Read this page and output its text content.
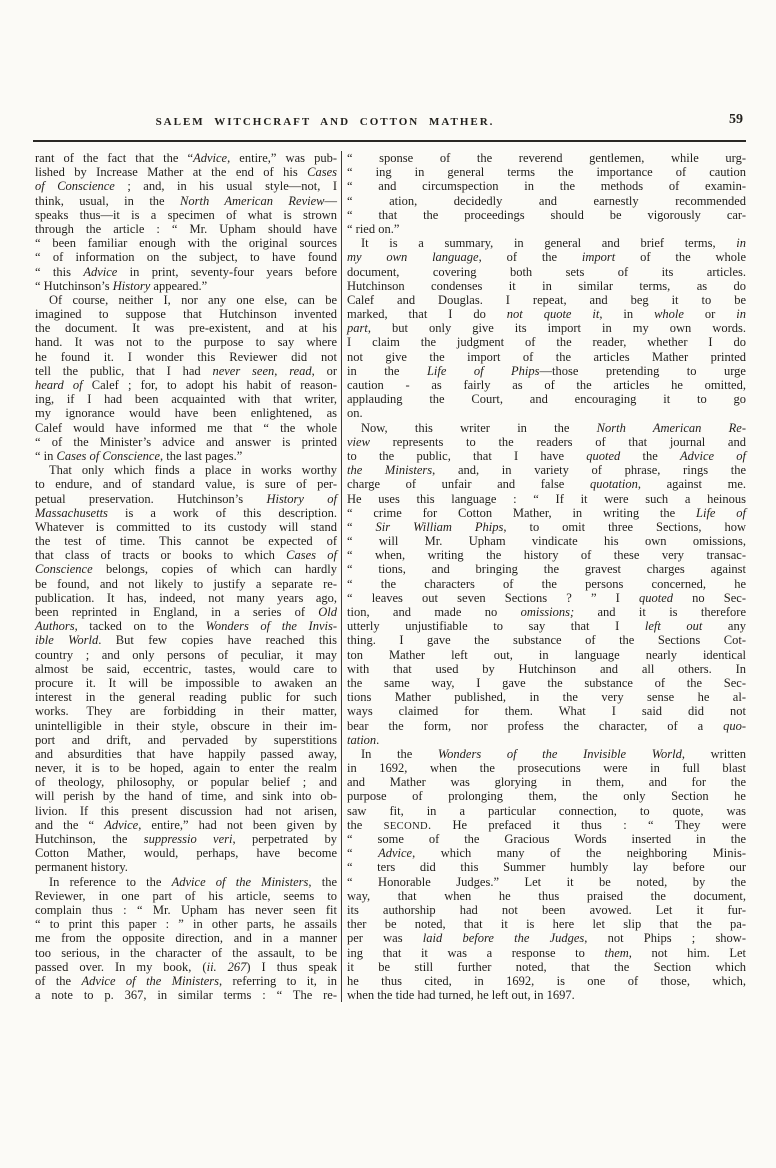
SALEM WITCHCRAFT AND COTTON MATHER.	59
rant of the fact that the “Advice, entire,” was pub-
lished by Increase Mather at the end of his Cases
of Conscience ; and, in his usual style—not, I
think, usual, in the North American Review—
speaks thus—it is a specimen of what is strown
through the article : “ Mr. Upham should have
“ been familiar enough with the original sources
“ of information on the subject, to have found
“ this Advice in print, seventy-four years before
“ Hutchinson’s History appeared.”
Of course, neither I, nor any one else, can be
imagined to suppose that Hutchinson invented
the document. It was pre-existent, and at his
hand. It was not to the purpose to say where
he found it. I wonder this Reviewer did not
tell the public, that I had never seen, read, or
heard of Calef ; for, to adopt his habit of reason-
ing, if I had been acquainted with that writer,
my ignorance would have been enlightened, as
Calef would have informed me that “ the whole
“ of the Minister’s advice and answer is printed
“ in Cases of Conscience, the last pages.”
That only which finds a place in works worthy
to endure, and of standard value, is sure of per-
petual preservation. Hutchinson’s History of
Massachusetts is a work of this description.
Whatever is committed to its custody will stand
the test of time. This cannot be expected of
that class of tracts or books to which Cases of
Conscience belongs, copies of which can hardly
be found, and not likely to justify a separate re-
publication. It has, indeed, not many years ago,
been reprinted in England, in a series of Old
Authors, tacked on to the Wonders of the Invis-
ible World. But few copies have reached this
country ; and only persons of peculiar, it may
almost be said, eccentric, tastes, would care to
procure it. It will be impossible to awaken an
interest in the general reading public for such
works. They are forbidding in their matter,
unintelligible in their style, obscure in their im-
port and drift, and pervaded by superstitions
and absurdities that have happily passed away,
never, it is to be hoped, again to enter the realm
of theology, philosophy, or popular belief ; and
will perish by the hand of time, and sink into ob-
livion. If this present discussion had not arisen,
and the “ Advice, entire,” had not been given by
Hutchinson, the suppressio veri, perpetrated by
Cotton Mather, would, perhaps, have become
permanent history.
In reference to the Advice of the Ministers, the
Reviewer, in one part of his article, seems to
complain thus : “ Mr. Upham has never seen fit
“ to print this paper : ” in other parts, he assails
me from the opposite direction, and in a manner
too serious, in the character of the assault, to be
passed over. In my book, (ii. 267) I thus speak
of the Advice of the Ministers, referring to it, in
a note to p. 367, in similar terms : “ The re-
“ sponse of the reverend gentlemen, while urg-
“ ing in general terms the importance of caution
“ and circumspection in the methods of examin-
“ ation, decidedly and earnestly recommended
“ that the proceedings should be vigorously car-
“ ried on.”
It is a summary, in general and brief terms, in
my own language, of the import of the whole
document, covering both sets of its articles.
Hutchinson condenses it in similar terms, as do
Calef and Douglas. I repeat, and beg it to be
marked, that I do not quote it, in whole or in
part, but only give its import in my own words.
I claim the judgment of the reader, whether I do
not give the import of the articles Mather printed
in the Life of Phips—those pretending to urge
caution - as fairly as of the articles he omitted,
applauding the Court, and encouraging it to go
on.
Now, this writer in the North American Re-
view represents to the readers of that journal and
to the public, that I have quoted the Advice of
the Ministers, and, in variety of phrase, rings the
charge of unfair and false quotation, against me.
He uses this language : “ If it were such a heinous
“ crime for Cotton Mather, in writing the Life of
“ Sir William Phips, to omit three Sections, how
“ will Mr. Upham vindicate his own omissions,
“ when, writing the history of these very transac-
“ tions, and bringing the gravest charges against
“ the characters of the persons concerned, he
“ leaves out seven Sections ? ” I quoted no Sec-
tion, and made no omissions; and it is therefore
utterly unjustifiable to say that I left out any
thing. I gave the substance of the Sections Cot-
ton Mather left out, in language nearly identical
with that used by Hutchinson and all others. In
the same way, I gave the substance of the Sec-
tions Mather published, in the very sense he al-
ways claimed for them. What I said did not
bear the form, nor profess the character, of a quo-
tation.
In the Wonders of the Invisible World, written
in 1692, when the prosecutions were in full blast
and Mather was glorying in them, and for the
purpose of prolonging them, the only Section he
saw fit, in a particular connection, to quote, was
the SECOND. He prefaced it thus : “ They were
“ some of the Gracious Words inserted in the
“ Advice, which many of the neighboring Minis-
“ ters did this Summer humbly lay before our
“ Honorable Judges.” Let it be noted, by the
way, that when he thus praised the document,
its authorship had not been avowed. Let it fur-
ther be noted, that it is here let slip that the pa-
per was laid before the Judges, not Phips ; show-
ing that it was a response to them, not him. Let
it be still further noted, that the Section which
he thus cited, in 1692, is one of those, which,
when the tide had turned, he left out, in 1697.
